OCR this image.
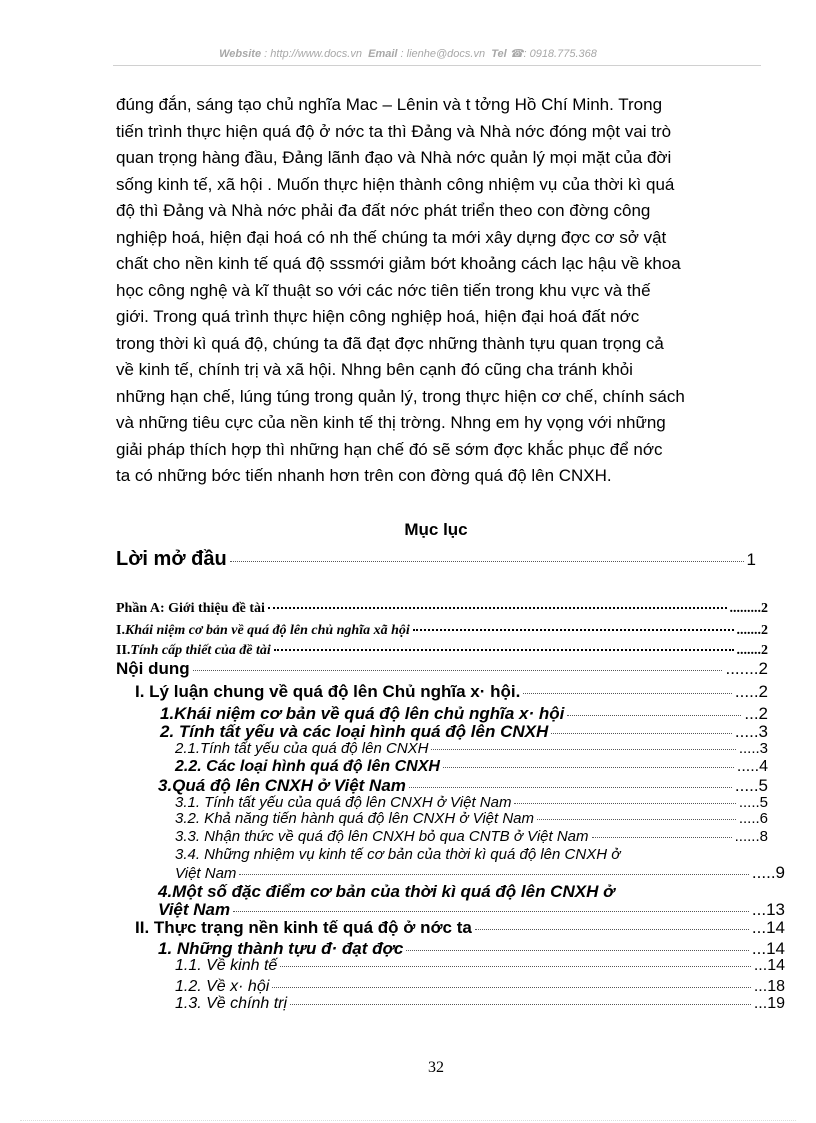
Website : http://www.docs.vn Email : lienhe@docs.vn Tel ☎: 0918.775.368
đúng đắn, sáng tạo chủ nghĩa Mac – Lênin và t tởng Hồ Chí Minh. Trong
tiến trình thực hiện quá độ ở nớc ta thì Đảng và Nhà nớc đóng một vai trò
quan trọng hàng đầu, Đảng lãnh đạo và Nhà nớc quản lý mọi mặt của đời
sống kinh tế, xã hội . Muốn thực hiện thành công nhiệm vụ của thời kì quá
độ thì Đảng và Nhà nớc phải đa đất nớc phát triển theo con đờng công
nghiệp hoá, hiện đại hoá có nh thế chúng ta mới xây dựng đợc cơ sở vật
chất cho nền kinh tế quá độ sssmới giảm bớt khoảng cách lạc hậu về khoa
học công nghệ và kĩ thuật so với các nớc tiên tiến trong khu vực và thế
giới. Trong quá trình thực hiện công nghiệp hoá, hiện đại hoá đất nớc
trong thời kì quá độ, chúng ta đã đạt đợc những thành tựu quan trọng cả
về kinh tế, chính trị và xã hội. Nhng bên cạnh đó cũng cha tránh khỏi
những hạn chế, lúng túng trong quản lý, trong thực hiện cơ chế, chính sách
và những tiêu cực của nền kinh tế thị trờng. Nhng em hy vọng với những
giải pháp thích hợp thì những hạn chế đó sẽ sớm đợc khắc phục để nớc
ta có những bớc tiến nhanh hơn trên con đờng quá độ lên CNXH.
Mục lục
Lời mở đầu	1
Phần A: Giới thiệu đề tài	.........2
I.Khái niệm cơ bản về quá độ lên chủ nghĩa xã hội	.......2
II.Tính cấp thiết của đề tài	.......2
Nội dung	.......2
I. Lý luận chung về quá độ lên Chủ nghĩa x· hội.	.....2
1.Khái niệm cơ bản về quá độ lên chủ nghĩa x· hội	...2
2. Tính tất yếu và các loại hình quá độ lên CNXH	.....3
2.1.Tính tất yếu của quá độ lên CNXH	.....3
2.2. Các loại hình quá độ lên CNXH	.....4
3.Quá độ lên CNXH ở Việt Nam	.....5
3.1. Tính tất yếu của quá độ lên CNXH ở Việt Nam	.....5
3.2. Khả năng tiến hành quá độ lên CNXH ở Việt Nam	.....6
3.3. Nhận thức về quá độ lên CNXH bỏ qua CNTB ở Việt Nam	......8
3.4. Những nhiệm vụ kinh tế cơ bản của thời kì quá độ lên CNXH ở
Việt Nam	.....9
4.Một số đặc điểm cơ bản của thời kì quá độ lên CNXH ở
Việt Nam	...13
II. Thực trạng nền kinh tế quá độ ở nớc ta	...14
1. Những thành tựu đ· đạt đợc	...14
1.1. Về kinh tế	...14
1.2. Về x· hội	...18
1.3. Về chính trị	...19
32
